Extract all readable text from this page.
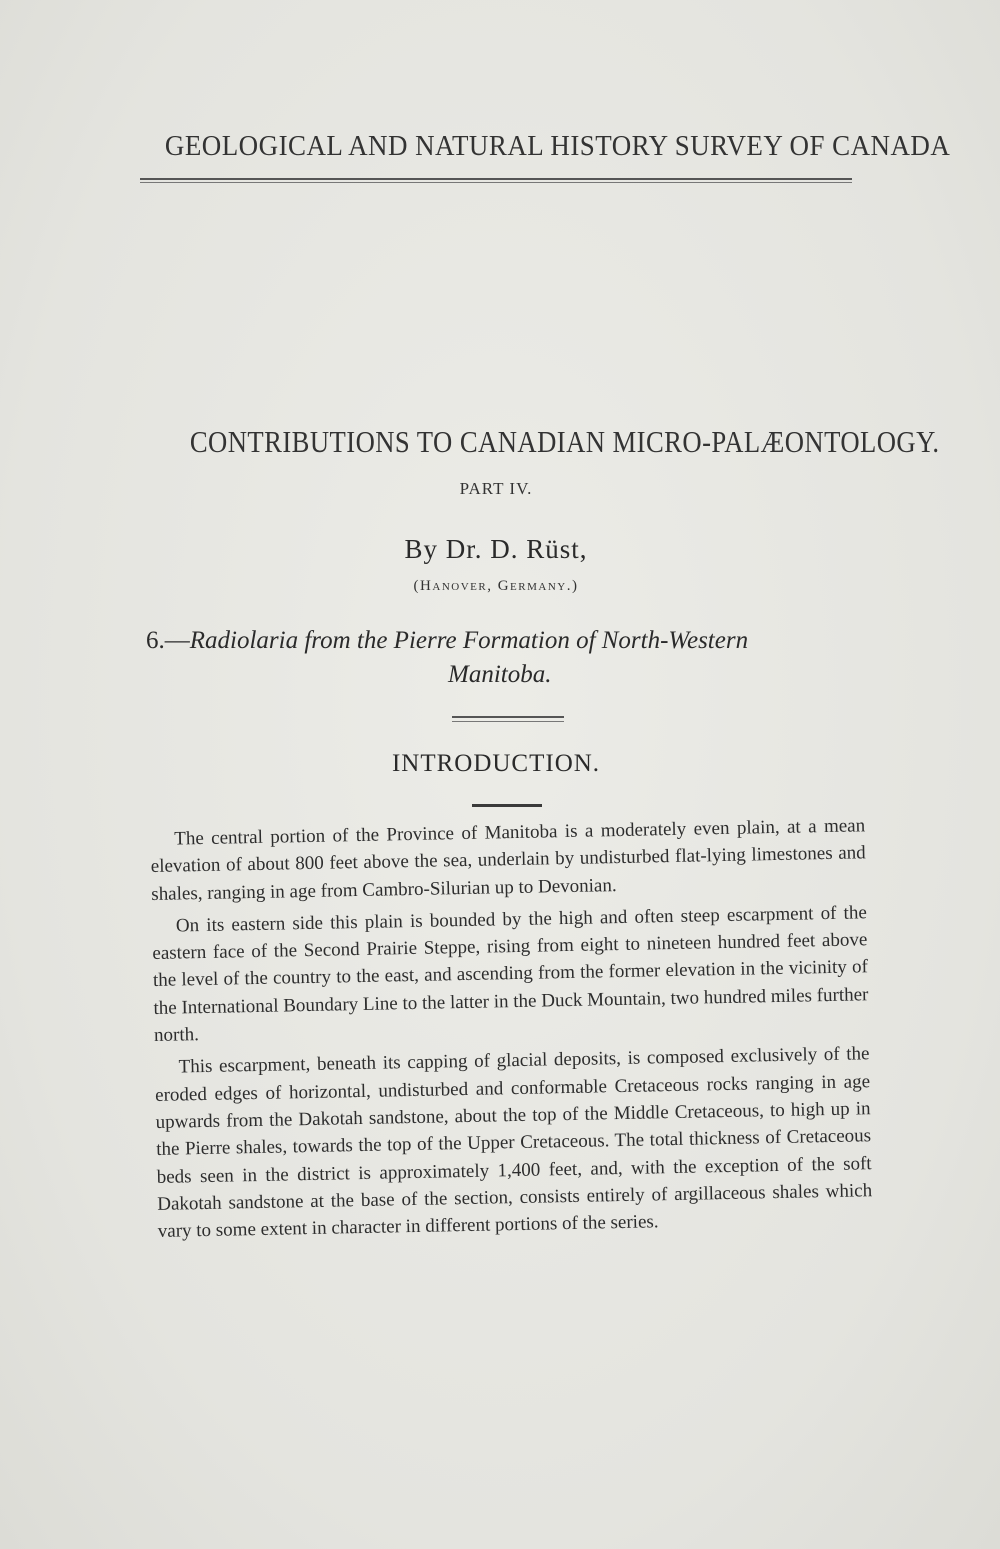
GEOLOGICAL AND NATURAL HISTORY SURVEY OF CANADA
CONTRIBUTIONS TO CANADIAN MICRO-PALÆONTOLOGY.
PART IV.
By Dr. D. Rüst,
(Hanover, Germany.)
6.—Radiolaria from the Pierre Formation of North-Western
Manitoba.
INTRODUCTION.

The central portion of the Province of Manitoba is a moderately even plain, at a mean elevation of about 800 feet above the sea, underlain by undisturbed flat-lying limestones and shales, ranging in age from Cambro-Silurian up to Devonian.

On its eastern side this plain is bounded by the high and often steep escarpment of the eastern face of the Second Prairie Steppe, rising from eight to nineteen hundred feet above the level of the country to the east, and ascending from the former elevation in the vicinity of the International Boundary Line to the latter in the Duck Mountain, two hundred miles further north.

This escarpment, beneath its capping of glacial deposits, is composed exclusively of the eroded edges of horizontal, undisturbed and conformable Cretaceous rocks ranging in age upwards from the Dakotah sandstone, about the top of the Middle Cretaceous, to high up in the Pierre shales, towards the top of the Upper Cretaceous. The total thickness of Cretaceous beds seen in the district is approximately 1,400 feet, and, with the exception of the soft Dakotah sandstone at the base of the section, consists entirely of argillaceous shales which vary to some extent in character in different portions of the series.
